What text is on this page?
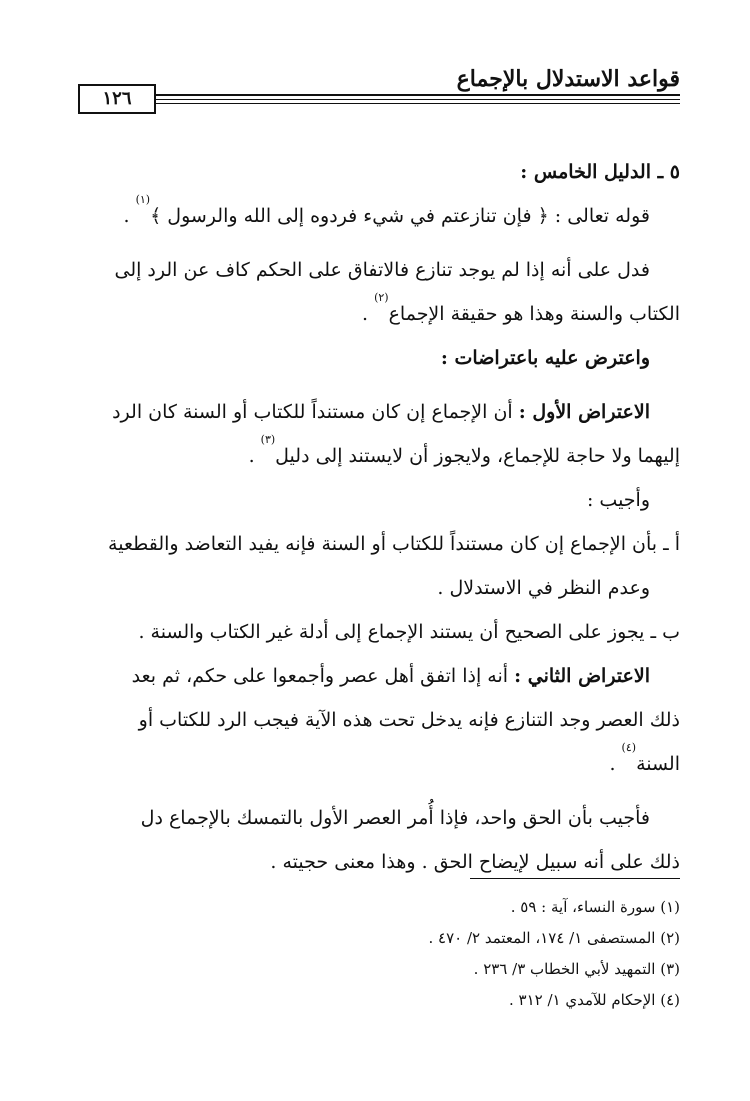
قواعد الاستدلال بالإجماع
١٢٦

٥ ـ الدليل الخامس :

قوله تعالى : ﴿ فإن تنازعتم في شيء فردوه إلى الله والرسول ﴾$^{(١)}$ .

فدل على أنه إذا لم يوجد تنازع فالاتفاق على الحكم كاف عن الرد إلى

الكتاب والسنة وهذا هو حقيقة الإجماع$^{(٢)}$ .

واعترض عليه باعتراضات :

الاعتراض الأول : أن الإجماع إن كان مستنداً للكتاب أو السنة كان الرد

إليهما ولا حاجة للإجماع، ولايجوز أن لايستند إلى دليل$^{(٣)}$ .

وأجيب :

أ ـ بأن الإجماع إن كان مستنداً للكتاب أو السنة فإنه يفيد التعاضد والقطعية

وعدم النظر في الاستدلال .

ب ـ يجوز على الصحيح أن يستند الإجماع إلى أدلة غير الكتاب والسنة .

الاعتراض الثاني : أنه إذا اتفق أهل عصر وأجمعوا على حكم، ثم بعد

ذلك العصر وجد التنازع فإنه يدخل تحت هذه الآية فيجب الرد للكتاب أو

السنة$^{(٤)}$ .

فأجيب بأن الحق واحد، فإذا أُمر العصر الأول بالتمسك بالإجماع دل

ذلك على أنه سبيل لإيضاح الحق . وهذا معنى حجيته .

(١) سورة النساء، آية : ٥٩ .
(٢) المستصفى ١/ ١٧٤، المعتمد ٢/ ٤٧٠ .
(٣) التمهيد لأبي الخطاب ٣/ ٢٣٦ .
(٤) الإحكام للآمدي ١/ ٣١٢ .
